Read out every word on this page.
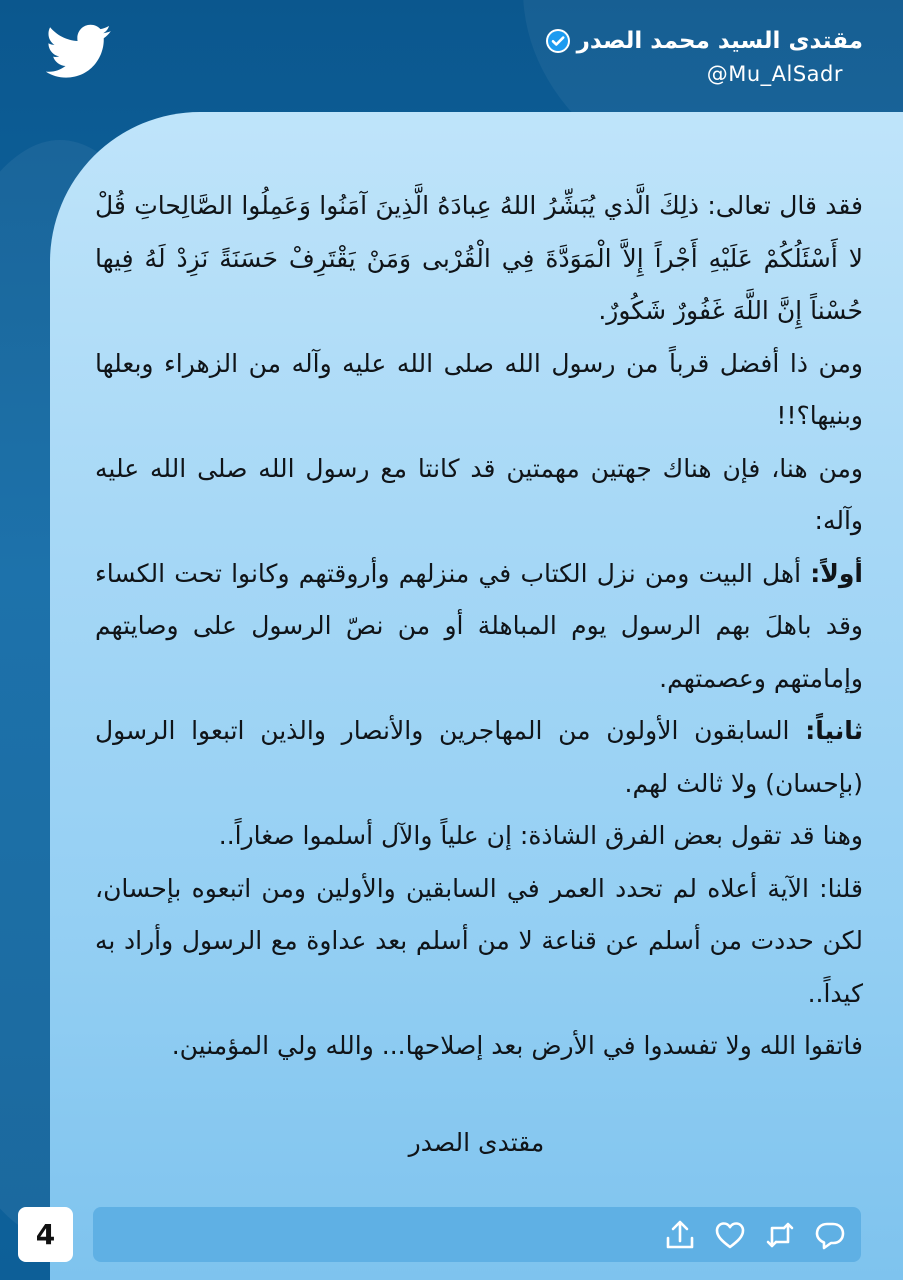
مقتدى السيد محمد الصدر
@Mu_AlSadr

فقد قال تعالى: ذلِكَ الَّذي يُبَشِّرُ اللهُ عِبادَهُ الَّذِينَ آمَنُوا وَعَمِلُوا الصَّالِحاتِ قُلْ لا أَسْئَلُكُمْ عَلَيْهِ أَجْراً إِلاَّ الْمَوَدَّةَ فِي الْقُرْبى وَمَنْ يَقْتَرِفْ حَسَنَةً نَزِدْ لَهُ فِيها حُسْناً إِنَّ اللَّهَ غَفُورٌ شَكُورٌ.

ومن ذا أفضل قرباً من رسول الله صلى الله عليه وآله من الزهراء وبعلها وبنيها؟!!

ومن هنا، فإن هناك جهتين مهمتين قد كانتا مع رسول الله صلى الله عليه وآله:

أولاً: أهل البيت ومن نزل الكتاب في منزلهم وأروقتهم وكانوا تحت الكساء وقد باهلَ بهم الرسول يوم المباهلة أو من نصّ الرسول على وصايتهم وإمامتهم وعصمتهم.

ثانياً: السابقون الأولون من المهاجرين والأنصار والذين اتبعوا الرسول (بإحسان) ولا ثالث لهم.

وهنا قد تقول بعض الفرق الشاذة: إن علياً والآل أسلموا صغاراً..

قلنا: الآية أعلاه لم تحدد العمر في السابقين والأولين ومن اتبعوه بإحسان، لكن حددت من أسلم عن قناعة لا من أسلم بعد عداوة مع الرسول وأراد به كيداً..

فاتقوا الله ولا تفسدوا في الأرض بعد إصلاحها... والله ولي المؤمنين.

مقتدى الصدر
4
